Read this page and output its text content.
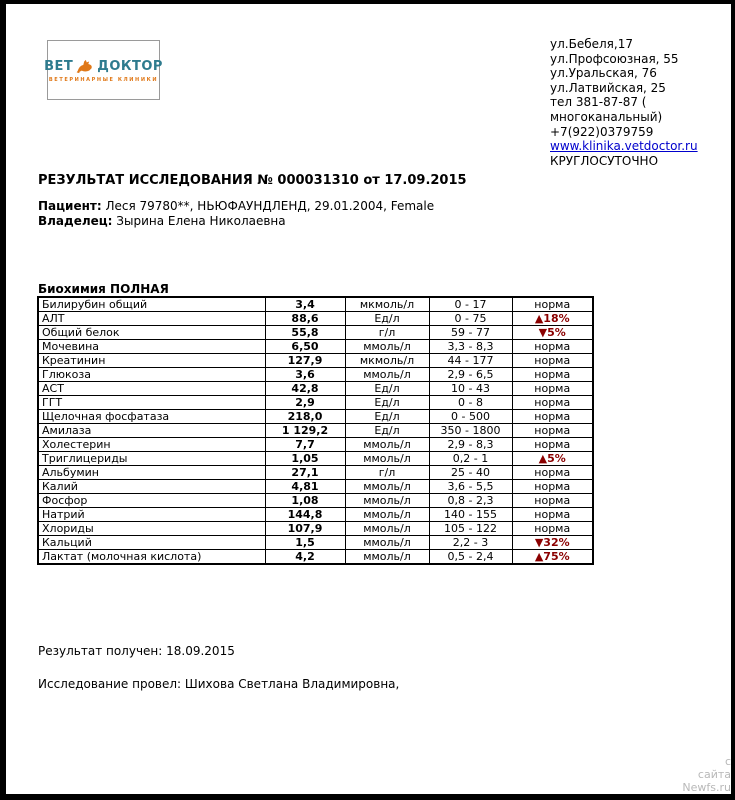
ВЕТ ДОКТОР
ВЕТЕРИНАРНЫЕ КЛИНИКИ
ул.Бебеля,17
ул.Профсоюзная, 55
ул.Уральская, 76
ул.Латвийская, 25
тел 381-87-87 (
многоканальный)
+7(922)0379759
www.klinika.vetdoctor.ru
КРУГЛОСУТОЧНО
РЕЗУЛЬТАТ ИССЛЕДОВАНИЯ № 000031310 от 17.09.2015
Пациент: Леся 79780**, НЬЮФАУНДЛЕНД, 29.01.2004, Female
Владелец: Зырина Елена Николаевна
Биохимия ПОЛНАЯ
Билирубин общий	3,4	мкмоль/л	0 - 17	норма
АЛТ	88,6	Ед/л	0 - 75	▲18%
Общий белок	55,8	г/л	59 - 77	▼5%
Мочевина	6,50	ммоль/л	3,3 - 8,3	норма
Креатинин	127,9	мкмоль/л	44 - 177	норма
Глюкоза	3,6	ммоль/л	2,9 - 6,5	норма
АСТ	42,8	Ед/л	10 - 43	норма
ГГТ	2,9	Ед/л	0 - 8	норма
Щелочная фосфатаза	218,0	Ед/л	0 - 500	норма
Амилаза	1 129,2	Ед/л	350 - 1800	норма
Холестерин	7,7	ммоль/л	2,9 - 8,3	норма
Триглицериды	1,05	ммоль/л	0,2 - 1	▲5%
Альбумин	27,1	г/л	25 - 40	норма
Калий	4,81	ммоль/л	3,6 - 5,5	норма
Фосфор	1,08	ммоль/л	0,8 - 2,3	норма
Натрий	144,8	ммоль/л	140 - 155	норма
Хлориды	107,9	ммоль/л	105 - 122	норма
Кальций	1,5	ммоль/л	2,2 - 3	▼32%
Лактат (молочная кислота)	4,2	ммоль/л	0,5 - 2,4	▲75%
Результат получен: 18.09.2015
Исследование провел: Шихова Светлана Владимировна,
с
сайта
Newfs.ru
